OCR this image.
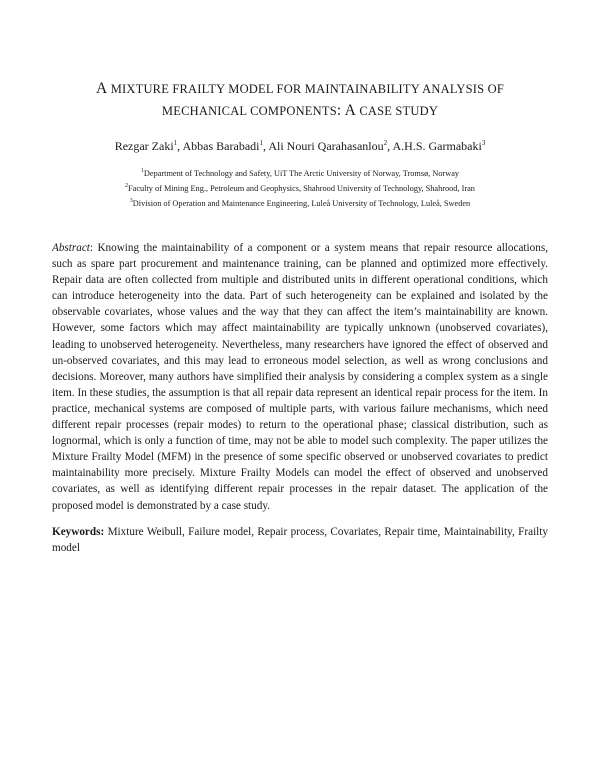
A MIXTURE FRAILTY MODEL FOR MAINTAINABILITY ANALYSIS OF
MECHANICAL COMPONENTS: A CASE STUDY
Rezgar Zaki$^1$, Abbas Barabadi$^1$, Ali Nouri Qarahasanlou$^2$, A.H.S. Garmabaki$^3$
$^1$Department of Technology and Safety, UiT The Arctic University of Norway, Tromsø, Norway
$^2$Faculty of Mining Eng., Petroleum and Geophysics, Shahrood University of Technology, Shahrood, Iran
$^3$Division of Operation and Maintenance Engineering, Luleå University of Technology, Luleå, Sweden
Abstract: Knowing the maintainability of a component or a system means that repair resource allocations, such as spare part procurement and maintenance training, can be planned and optimized more effectively. Repair data are often collected from multiple and distributed units in different operational conditions, which can introduce heterogeneity into the data. Part of such heterogeneity can be explained and isolated by the observable covariates, whose values and the way that they can affect the item’s maintainability are known. However, some factors which may affect maintainability are typically unknown (unobserved covariates), leading to unobserved heterogeneity. Nevertheless, many researchers have ignored the effect of observed and un-observed covariates, and this may lead to erroneous model selection, as well as wrong conclusions and decisions. Moreover, many authors have simplified their analysis by considering a complex system as a single item. In these studies, the assumption is that all repair data represent an identical repair process for the item. In practice, mechanical systems are composed of multiple parts, with various failure mechanisms, which need different repair processes (repair modes) to return to the operational phase; classical distribution, such as lognormal, which is only a function of time, may not be able to model such complexity. The paper utilizes the Mixture Frailty Model (MFM) in the presence of some specific observed or unobserved covariates to predict maintainability more precisely. Mixture Frailty Models can model the effect of observed and unobserved covariates, as well as identifying different repair processes in the repair dataset. The application of the proposed model is demonstrated by a case study.
Keywords: Mixture Weibull, Failure model, Repair process, Covariates, Repair time, Maintainability, Frailty model
